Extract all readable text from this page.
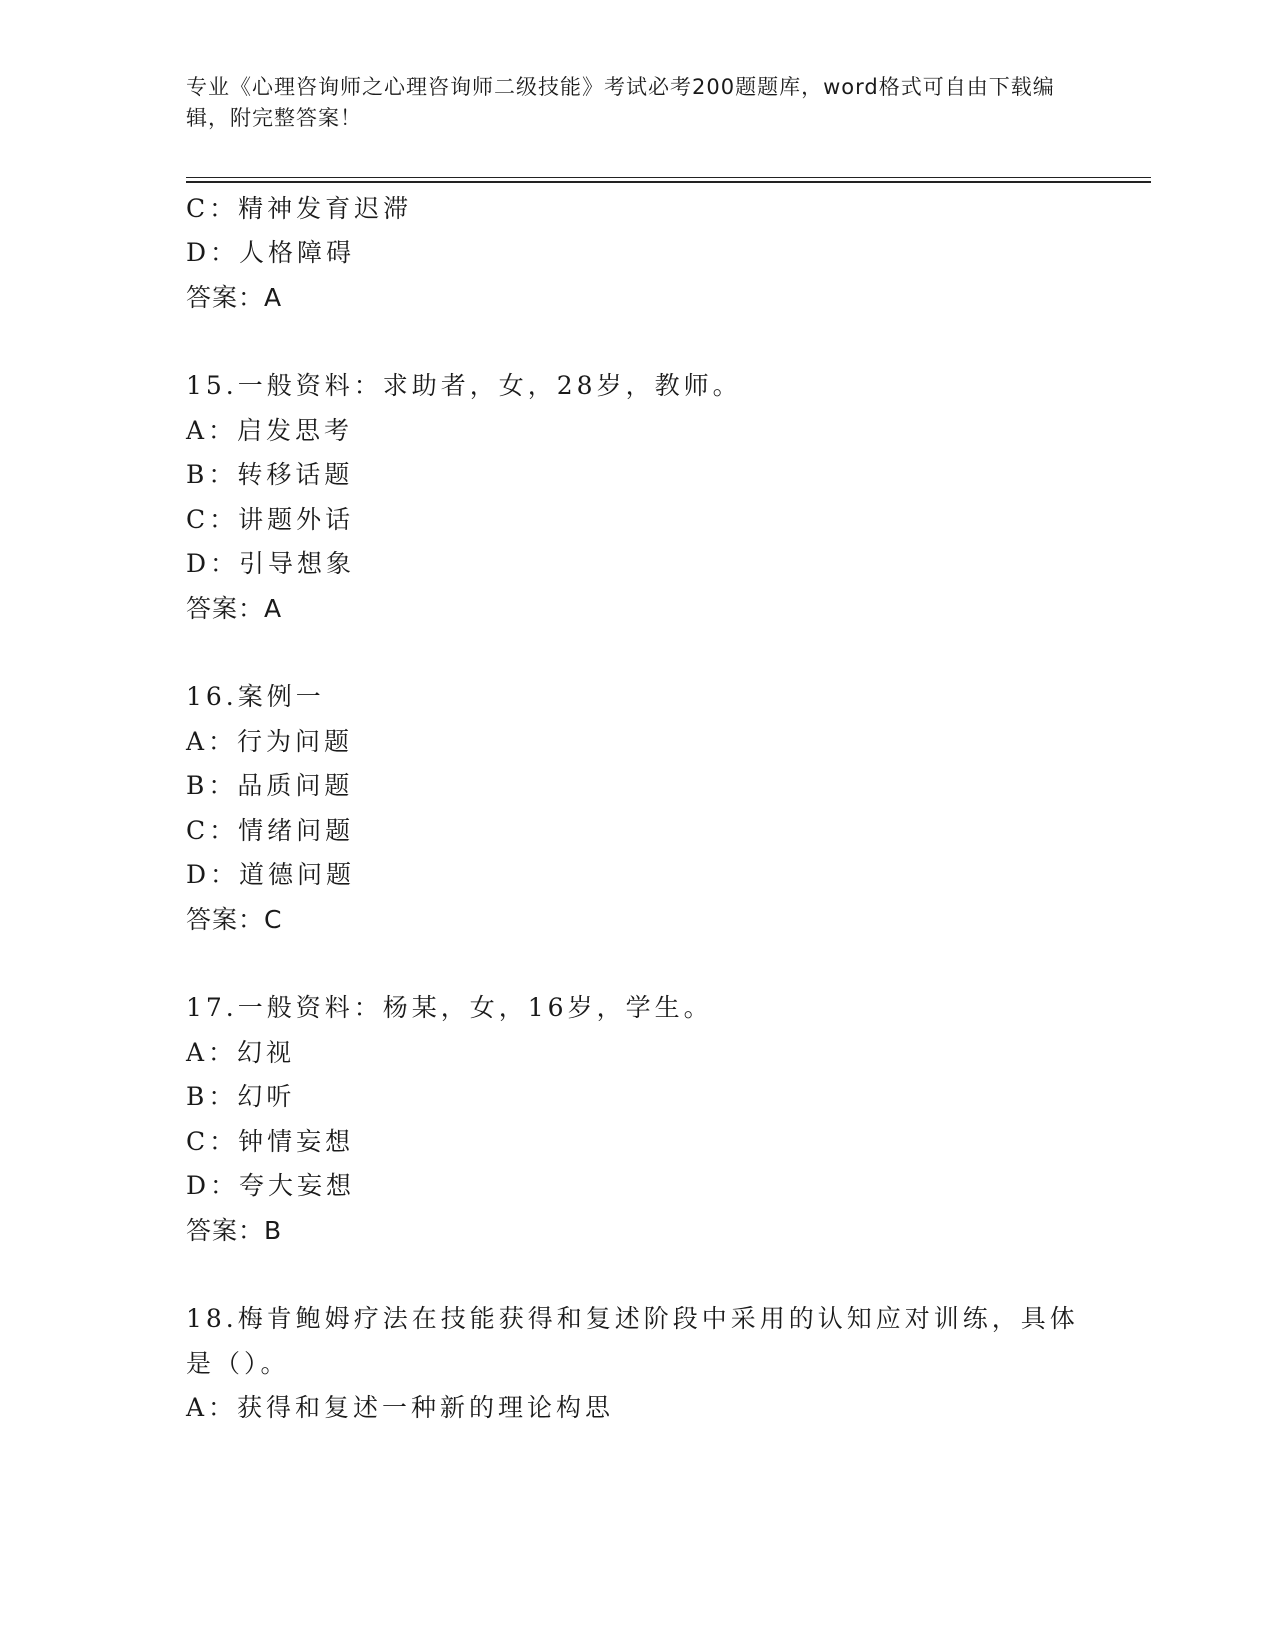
专业《心理咨询师之心理咨询师二级技能》考试必考200题题库，word格式可自由下载编辑，附完整答案！
C：精神发育迟滞
D：人格障碍
答案：A
15.一般资料：求助者，女，28岁，教师。
A：启发思考
B：转移话题
C：讲题外话
D：引导想象
答案：A
16.案例一
A：行为问题
B：品质问题
C：情绪问题
D：道德问题
答案：C
17.一般资料：杨某，女，16岁，学生。
A：幻视
B：幻听
C：钟情妄想
D：夸大妄想
答案：B
18.梅肯鲍姆疗法在技能获得和复述阶段中采用的认知应对训练，具体
是（）。
A：获得和复述一种新的理论构思
